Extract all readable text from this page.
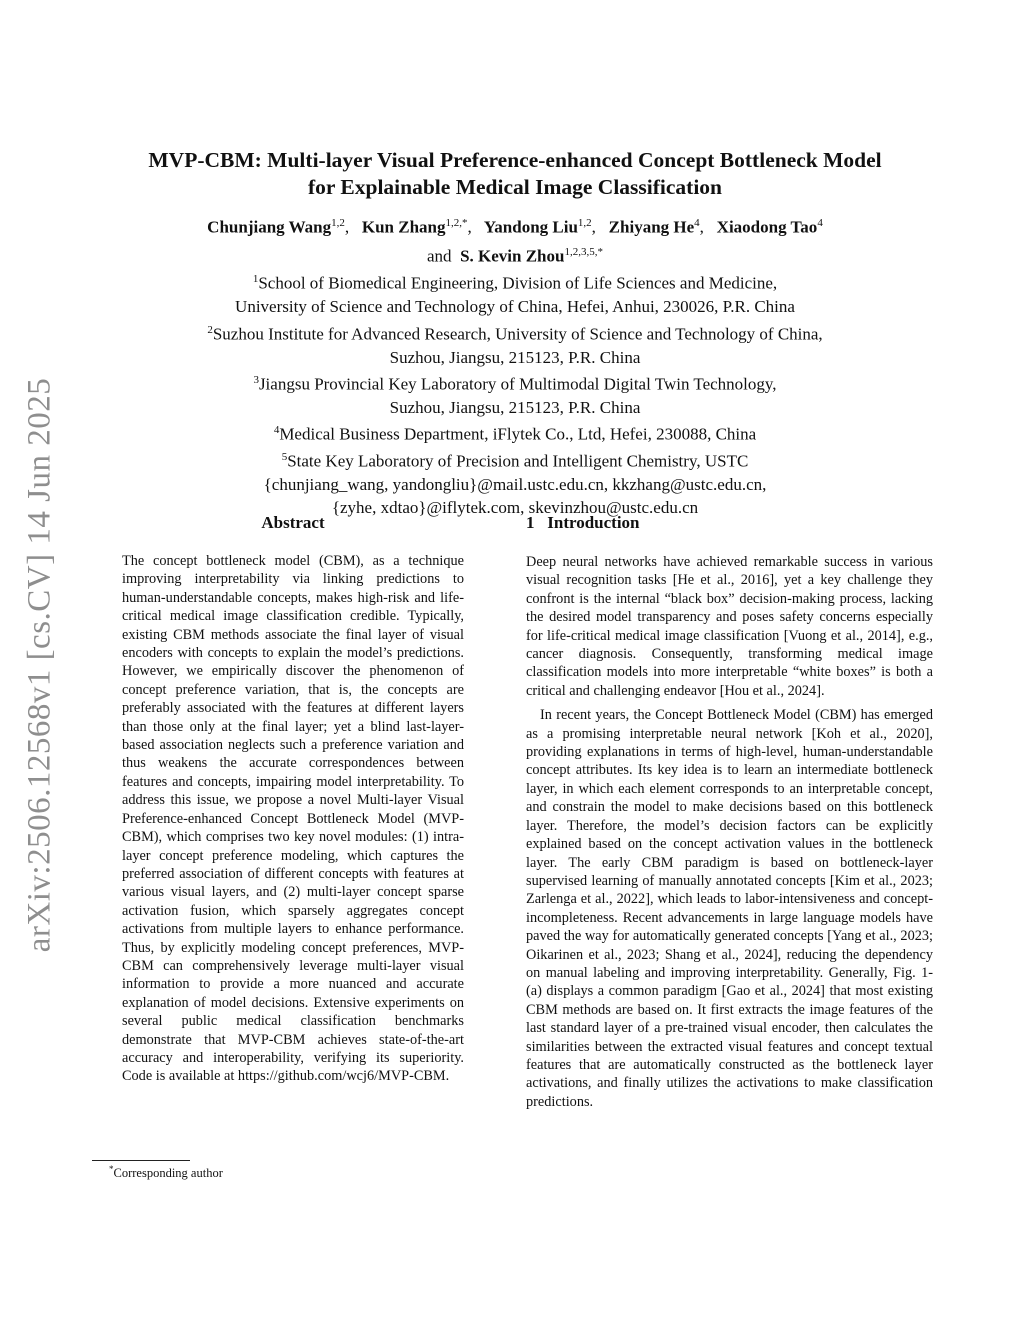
arXiv:2506.12568v1 [cs.CV] 14 Jun 2025
MVP-CBM: Multi-layer Visual Preference-enhanced Concept Bottleneck Model
for Explainable Medical Image Classification
Chunjiang Wang$^{1,2}$,   Kun Zhang$^{1,2,*}$,   Yandong Liu$^{1,2}$,   Zhiyang He$^4$,   Xiaodong Tao$^4$
and S. Kevin Zhou$^{1,2,3,5,*}$
$^1$School of Biomedical Engineering, Division of Life Sciences and Medicine,
University of Science and Technology of China, Hefei, Anhui, 230026, P.R. China
$^2$Suzhou Institute for Advanced Research, University of Science and Technology of China,
Suzhou, Jiangsu, 215123, P.R. China
$^3$Jiangsu Provincial Key Laboratory of Multimodal Digital Twin Technology,
Suzhou, Jiangsu, 215123, P.R. China
$^4$Medical Business Department, iFlytek Co., Ltd, Hefei, 230088, China
$^5$State Key Laboratory of Precision and Intelligent Chemistry, USTC
{chunjiang_wang, yandongliu}@mail.ustc.edu.cn, kkzhang@ustc.edu.cn,
{zyhe, xdtao}@iflytek.com, skevinzhou@ustc.edu.cn
Abstract
The concept bottleneck model (CBM), as a technique improving interpretability via linking predictions to human-understandable concepts, makes high-risk and life-critical medical image classification credible. Typically, existing CBM methods associate the final layer of visual encoders with concepts to explain the model’s predictions. However, we empirically discover the phenomenon of concept preference variation, that is, the concepts are preferably associated with the features at different layers than those only at the final layer; yet a blind last-layer-based association neglects such a preference variation and thus weakens the accurate correspondences between features and concepts, impairing model interpretability. To address this issue, we propose a novel Multi-layer Visual Preference-enhanced Concept Bottleneck Model (MVP-CBM), which comprises two key novel modules: (1) intra-layer concept preference modeling, which captures the preferred association of different concepts with features at various visual layers, and (2) multi-layer concept sparse activation fusion, which sparsely aggregates concept activations from multiple layers to enhance performance. Thus, by explicitly modeling concept preferences, MVP-CBM can comprehensively leverage multi-layer visual information to provide a more nuanced and accurate explanation of model decisions. Extensive experiments on several public medical classification benchmarks demonstrate that MVP-CBM achieves state-of-the-art accuracy and interoperability, verifying its superiority. Code is available at https://github.com/wcj6/MVP-CBM.
*Corresponding author
1   Introduction

Deep neural networks have achieved remarkable success in various visual recognition tasks [He et al., 2016], yet a key challenge they confront is the internal “black box” decision-making process, lacking the desired model transparency and poses safety concerns especially for life-critical medical image classification [Vuong et al., 2014], e.g., cancer diagnosis. Consequently, transforming medical image classification models into more interpretable “white boxes” is both a critical and challenging endeavor [Hou et al., 2024].

In recent years, the Concept Bottleneck Model (CBM) has emerged as a promising interpretable neural network [Koh et al., 2020], providing explanations in terms of high-level, human-understandable concept attributes. Its key idea is to learn an intermediate bottleneck layer, in which each element corresponds to an interpretable concept, and constrain the model to make decisions based on this bottleneck layer. Therefore, the model’s decision factors can be explicitly explained based on the concept activation values in the bottleneck layer. The early CBM paradigm is based on bottleneck-layer supervised learning of manually annotated concepts [Kim et al., 2023; Zarlenga et al., 2022], which leads to labor-intensiveness and concept-incompleteness. Recent advancements in large language models have paved the way for automatically generated concepts [Yang et al., 2023; Oikarinen et al., 2023; Shang et al., 2024], reducing the dependency on manual labeling and improving interpretability. Generally, Fig. 1-(a) displays a common paradigm [Gao et al., 2024] that most existing CBM methods are based on. It first extracts the image features of the last standard layer of a pre-trained visual encoder, then calculates the similarities between the extracted visual features and concept textual features that are automatically constructed as the bottleneck layer activations, and finally utilizes the activations to make classification predictions.
